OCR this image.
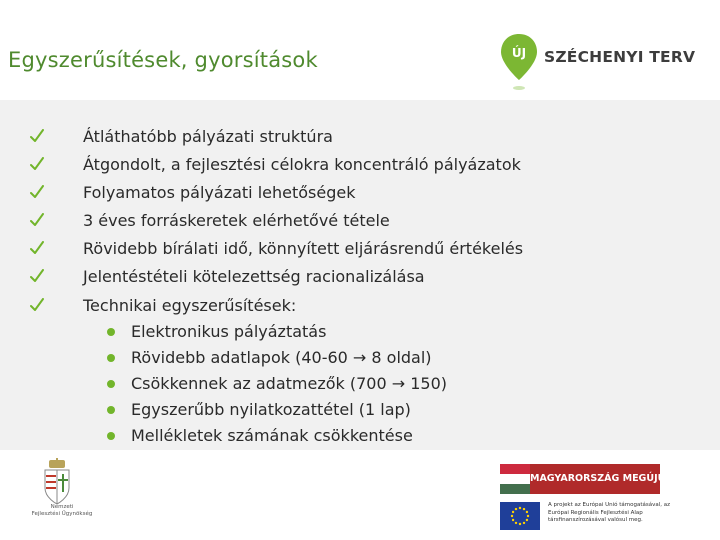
Egyszerűsítések, gyorsítások	ÚJ SZÉCHENYI TERV
Átláthatóbb pályázati struktúra
Átgondolt, a fejlesztési célokra koncentráló pályázatok
Folyamatos pályázati lehetőségek
3 éves forráskeretek elérhetővé tétele
Rövidebb bírálati idő, könnyített eljárásrendű értékelés
Jelentéstételi kötelezettség racionalizálása
Technikai egyszerűsítések:
Elektronikus pályáztatás
Rövidebb adatlapok (40-60 → 8 oldal)
Csökkennek az adatmezők (700 → 150)
Egyszerűbb nyilatkozattétel (1 lap)
Mellékletek számának csökkentése
Nemzeti
Fejlesztési Ügynökség
MAGYARORSZÁG MEGÚJUL
A projekt az Európai Unió támogatásával, az Európai Regionális Fejlesztési Alap társfinanszírozásával valósul meg.
